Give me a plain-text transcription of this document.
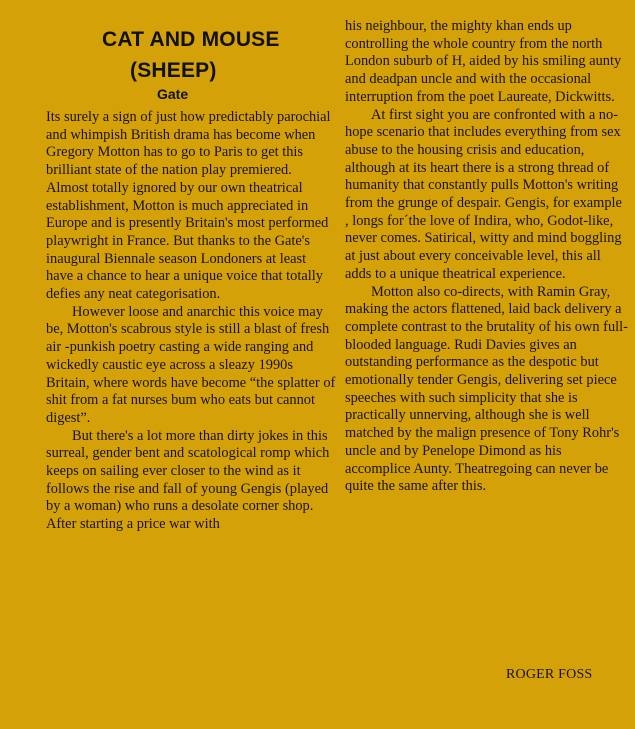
CAT AND MOUSE
(SHEEP)
Gate

Its surely a sign of just how predictably parochial and whimpish British drama has become when Gregory Motton has to go to Paris to get this brilliant state of the nation play premiered. Almost totally ignored by our own theatrical establishment, Motton is much appreciated in Europe and is presently Britain's most performed playwright in France. But thanks to the Gate's inaugural Biennale season Londoners at least have a chance to hear a unique voice that totally defies any neat categorisation.

However loose and anarchic this voice may be, Motton's scabrous style is still a blast of fresh air -punkish poetry casting a wide ranging and wickedly caustic eye across a sleazy 1990s Britain, where words have become “the splatter of shit from a fat nurses bum who eats but cannot digest”.

But there's a lot more than dirty jokes in this surreal, gender bent and scatological romp which keeps on sailing ever closer to the wind as it follows the rise and fall of young Gengis (played by a woman) who runs a desolate corner shop. After starting a price war with

his neighbour, the mighty khan ends up controlling the whole country from the north London suburb of H, aided by his smiling aunty and deadpan uncle and with the occasional interruption from the poet Laureate, Dickwitts.

At first sight you are confronted with a no-hope scenario that includes everything from sex abuse to the housing crisis and education, although at its heart there is a strong thread of humanity that constantly pulls Motton's writing from the grunge of despair. Gengis, for example , longs for´the love of Indira, who, Godot-like, never comes. Satirical, witty and mind boggling at just about every conceivable level, this all adds to a unique theatrical experience.

Motton also co-directs, with Ramin Gray, making the actors flattened, laid back delivery a complete contrast to the brutality of his own full-blooded language. Rudi Davies gives an outstanding performance as the despotic but emotionally tender Gengis, delivering set piece speeches with such simplicity that she is practically unnerving, although she is well matched by the malign presence of Tony Rohr's uncle and by Penelope Dimond as his accomplice Aunty. Theatregoing can never be quite the same after this.

ROGER FOSS
